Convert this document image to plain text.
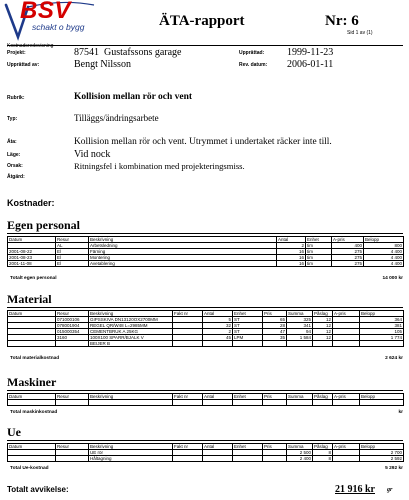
BSV
schakt o bygg	ÄTA-rapport	Nr: 6
Sid 1 av (1)
Kostnadsredovisning
Projekt:	87541 Gustafssons garage
Upprättad av:	Bengt Nilsson
Upprättad: 1999-11-23
Rev. datum: 2006-01-11
Rubrik:	Kollision mellan rör och vent
Typ:	Tilläggs/ändringsarbete
Äta:	Kollision mellan rör och vent. Utrymmet i undertaket räcker inte till.
Läge:	Vid nock
Orsak:	Ritningsfel i kombination med projekteringsmiss.
Åtgärd:
Kostnader:
Egen personal
Datum	Resur	Beskrivning	Antal	Enhet	A-pris	Belopp
	AL	Arbetsledning	2	tim	400	800
2001-08-22	El	Färning	16	tim	275	4 400
2001-08-23	El	Montering	16	tim	275	4 400
2001-11-08	El	Avetablering	16	tim	275	4 400
Totalt egen personal	14 000 kr
Material
Datum	Resur	Beskrivning	Fakt nr	Antal	Enhet	Pris	Summa	Påslag	A-pris	Belopp
	071000106	GIPSSKIVA DN13120OX2700MM		5	ST	65	325	12		364
	078001904	REGEL QR/W48 L=2985MM		32	ST	28	341	12		381
	015000354	CEMENTBRUK A 25KG		2	ST	47	94	12		105
	3160	100X100 SPARR/BJALK V		45	LPM	35	1 584	12		1 774
		BEIJER B								
Total materialkostnad	2 624 kr
Maskiner
Datum	Resur	Beskrivning	Fakt nr	Antal	Enhet	Pris	Summa	Påslag	A-pris	Belopp

Total maskinkostnad	kr
Ue
Datum	Resur	Beskrivning	Fakt nr	Antal	Enhet	Pris	Summa	Påslag	A-pris	Belopp
		UE rör					2 500	8		2 700
		Håltagning					2 400	8		2 592
Total Ue-kostnad	5 292 kr
Totalt avvikelse:	21 916 kr gr
